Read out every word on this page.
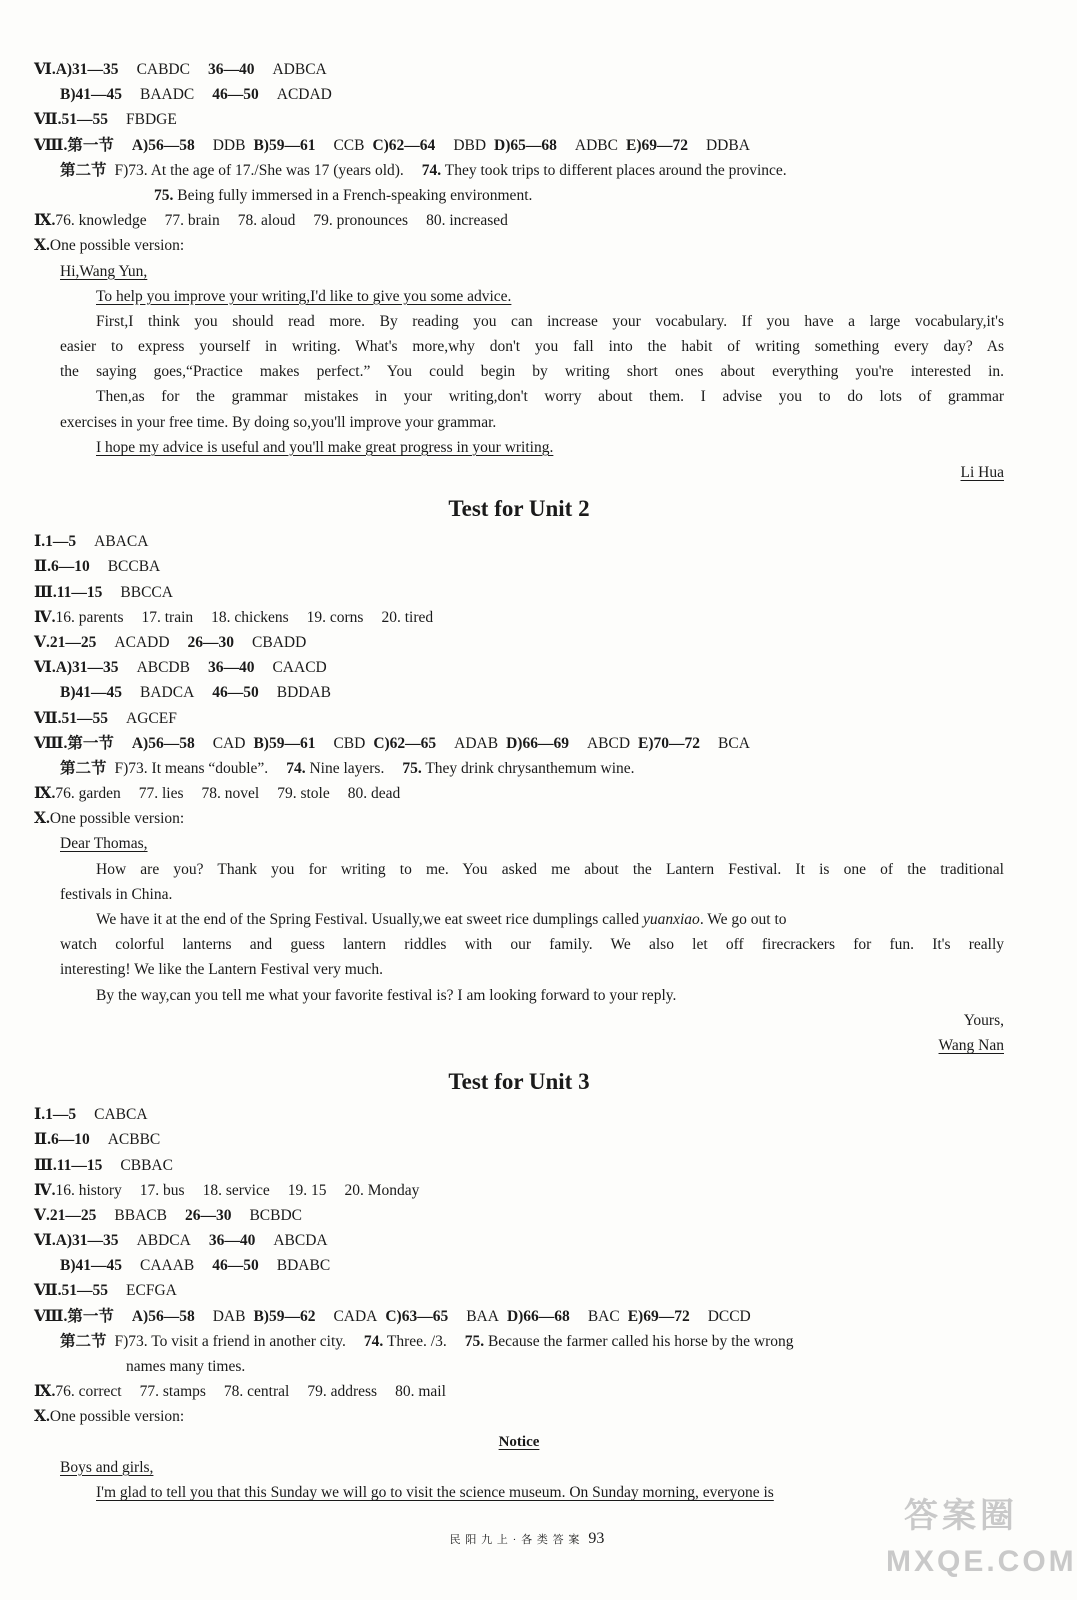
Ⅵ.A)31—35 CABDC 36—40 ADBCA
B)41—45 BAADC 46—50 ACDAD
Ⅶ.51—55 FBDGE
Ⅷ.第一节 A)56—58 DDB B)59—61 CCB C)62—64 DBD D)65—68 ADBC E)69—72 DDBA
第二节 F)73. At the age of 17./She was 17 (years old). 74. They took trips to different places around the province.
75. Being fully immersed in a French-speaking environment.
Ⅸ.76. knowledge 77. brain 78. aloud 79. pronounces 80. increased
Ⅹ.One possible version:
Hi,Wang Yun,
To help you improve your writing,I'd like to give you some advice.
First,I think you should read more. By reading you can increase your vocabulary. If you have a large vocabulary,it's
easier to express yourself in writing. What's more,why don't you fall into the habit of writing something every day? As
the saying goes,“Practice makes perfect.” You could begin by writing short ones about everything you're interested in.
Then,as for the grammar mistakes in your writing,don't worry about them. I advise you to do lots of grammar
exercises in your free time. By doing so,you'll improve your grammar.
I hope my advice is useful and you'll make great progress in your writing.
Li Hua
Test for Unit 2
Ⅰ.1—5 ABACA
Ⅱ.6—10 BCCBA
Ⅲ.11—15 BBCCA
Ⅳ.16. parents 17. train 18. chickens 19. corns 20. tired
Ⅴ.21—25 ACADD 26—30 CBADD
Ⅵ.A)31—35 ABCDB 36—40 CAACD
B)41—45 BADCA 46—50 BDDAB
Ⅶ.51—55 AGCEF
Ⅷ.第一节 A)56—58 CAD B)59—61 CBD C)62—65 ADAB D)66—69 ABCD E)70—72 BCA
第二节 F)73. It means “double”. 74. Nine layers. 75. They drink chrysanthemum wine.
Ⅸ.76. garden 77. lies 78. novel 79. stole 80. dead
Ⅹ.One possible version:
Dear Thomas,
How are you? Thank you for writing to me. You asked me about the Lantern Festival. It is one of the traditional
festivals in China.
We have it at the end of the Spring Festival. Usually,we eat sweet rice dumplings called yuanxiao. We go out to
watch colorful lanterns and guess lantern riddles with our family. We also let off firecrackers for fun. It's really
interesting! We like the Lantern Festival very much.
By the way,can you tell me what your favorite festival is? I am looking forward to your reply.
Yours,
Wang Nan
Test for Unit 3
Ⅰ.1—5 CABCA
Ⅱ.6—10 ACBBC
Ⅲ.11—15 CBBAC
Ⅳ.16. history 17. bus 18. service 19. 15 20. Monday
Ⅴ.21—25 BBACB 26—30 BCBDC
Ⅵ.A)31—35 ABDCA 36—40 ABCDA
B)41—45 CAAAB 46—50 BDABC
Ⅶ.51—55 ECFGA
Ⅷ.第一节 A)56—58 DAB B)59—62 CADA C)63—65 BAA D)66—68 BAC E)69—72 DCCD
第二节 F)73. To visit a friend in another city. 74. Three. /3. 75. Because the farmer called his horse by the wrong
names many times.
Ⅸ.76. correct 77. stamps 78. central 79. address 80. mail
Ⅹ.One possible version:
Notice
Boys and girls,
I'm glad to tell you that this Sunday we will go to visit the science museum. On Sunday morning, everyone is
民 阳 九 上 · 各 类 答 案 93
答案圈
MXQE.COM
